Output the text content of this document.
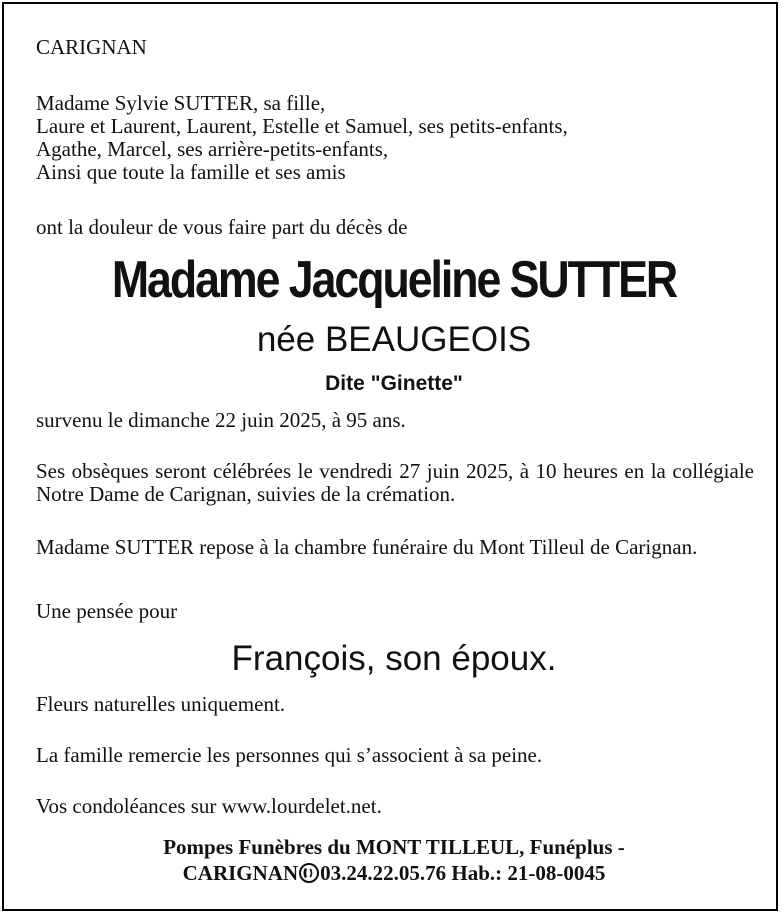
CARIGNAN
Madame Sylvie SUTTER, sa fille,
Laure et Laurent, Laurent, Estelle et Samuel, ses petits-enfants,
Agathe, Marcel, ses arrière-petits-enfants,
Ainsi que toute la famille et ses amis
ont la douleur de vous faire part du décès de
Madame Jacqueline SUTTER
née BEAUGEOIS
Dite "Ginette"
survenu le dimanche 22 juin 2025, à 95 ans.
Ses obsèques seront célébrées le vendredi 27 juin 2025, à 10 heures en la collégiale Notre Dame de Carignan, suivies de la crémation.
Madame SUTTER repose à la chambre funéraire du Mont Tilleul de Carignan.
Une pensée pour
François, son époux.
Fleurs naturelles uniquement.
La famille remercie les personnes qui s’associent à sa peine.
Vos condoléances sur www.lourdelet.net.
Pompes Funèbres du MONT TILLEUL, Funéplus -
CARIGNAN 03.24.22.05.76 Hab.: 21-08-0045
